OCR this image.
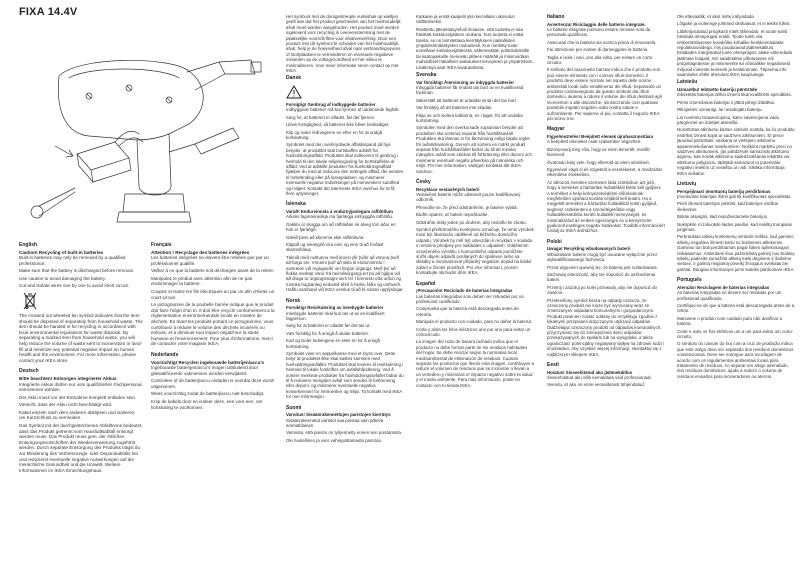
FIXA 14.4V
English
Caution! Recycling of built-in batteries
Built-in batteries may only be removed by a qualified professional.
Make sure that the battery is discharged before removal.
Use caution to avoid damaging the battery.
Cut and isolate wires one by one to avoid short circuit.
The crossed out wheeled bin symbol indicates that the item should be disposed of separately from household waste. The item should be handed in for recycling in accordance with local environmental regulations for waste disposal. By separating a marked item from household waste, you will help reduce the volume of waste sent to incinerators or land-fill and minimize any potential negative impact on human health and the environment. For more information, please contact your IKEA store.
Deutsch
Bitte beachten! Entsorgen integrierter Akkus
Integrierte Akkus dürfen nur vom qualifizierten Fachpersonal entnommen werden.
Der Akku muss vor der Entnahme komplett entladen sein.
Vorsicht, dass der Akku nicht beschädigt wird.
Kabel einzeln nach dem anderen abklipsen und isolieren, um Kurzschluss zu vermeiden.
Das Symbol mit der durchgestrichenen Abfalltonne bedeutet, dass das Produkt getrennt vom Haushaltsabfall entsorgt werden muss. Das Produkt muss gem. der örtlichen Entsorgungsvorschriften der Wiederverwertung zugeführt werden. Durch separate Entsorgung des Produkts trägst du zur Minderung des Verbrennungs- oder Deponieabfalls bei und reduzierst eventuelle negative Auswirkungen auf die menschliche Gesundheit und die Umwelt. Weitere Informationen im IKEA Einrichtungshaus.
Français
Attention ! Recyclage des batteries intégrées
Les batteries intégrées ne doivent être retirées que par un professionnel qualifié.
Veillez à ce que la batterie soit déchargée avant de la retirer.
Manipulez le produit avec attention afin de ne pas endommager la batterie.
Coupez et isolez les fils électriques un par un afin d'éviter un court-circuit.
Le pictogramme de la poubelle barrée indique que le produit doit faire l'objet d'un tri. Il doit être recyclé conformément à la réglementation environnementale locale en matière de déchets. En triant les produits portant ce pictogramme, vous contribuez à réduire le volume des déchets incinérés ou enfouis, et à diminuer tout impact négatif sur la santé humaine et l'environnement. Pour plus d'informations, merci de contacter votre magasin IKEA.
Nederlands
Voorzichtig! Recyclen ingebouwde batterijen/accu's
Ingebouwde batterijen/accu's mogen uitsluitend door gekwalificeerde vakmensen worden verwijderd.
Controleer of de batterij/accu ontladen is voordat deze wordt uitgenomen.
Wees voorzichtig zodat de batterij/accu niet beschadigt.
Knip de kabels door en isoleer deze, een voor een, om kortsluiting te voorkomen.
Het symbool met de doorgestreepte vuilnisbak op wieltjes geeft aan dat het product gescheiden van het huishoudelijk afval moet worden aangeboden. Het product moet worden ingeleverd voor recycling in overeenstemming met de plaatselijke voorschriften voor afvalverwerking. Door een product met dit symbool te scheiden van het huishoudelijk afval, help je de hoeveelheid afval naar verbrandingsovens of stortplaatsen te verminderen en eventuele negatieve invloeden op de volksgezondheid en het milieu te minimaliseren. Voor meer informatie neem contact op met IKEA.
Dansk
Forsigtig! Genbrug af indbyggede batterier
Indbyggede batterier må kun fjernes af uddannede fagfolk.
Sørg for, at batteriet er afladet, før det fjernes.
Udvis forsigtighed, så batteriet ikke bliver beskadiget.
Klip og isoler ledningerne en efter en for at undgå kortslutning.
Symbolet med den overkrydsede affaldsspand på hjul betyder, at produktet skal bortskaffes adskilt fra husholdningsaffald. Produktet skal indleveres til genbrug i henhold til den lokale miljølovgivning for bortskaffelse af affald. Ved at adskille produkter fra husholdningsaffald hjælper du med at reducere den mængde affald, der sendes til forbrænding eller på lossepladsen, og minimerer eventuelle negative indvirkninger på menneskers sundhed og miljøet. Kontakt det nærmeste IKEA varehus for at få flere oplysninger.
Íslenska
Varúð! Endurvinnsla á endurnýjanlegum rafhlöðum
Aðeins fagmanneskja má fjarlægja innbyggða rafhlöðu.
Gakktu úr skugga um að rafhlaðan sé alveg tóm áður en hún er fjarlægð.
Gætið þess að skemma ekki rafhlöðuna.
Klippið og einangrið víra einn og einn til að forðast skammhlaup.
Táknið með rusltunnu með krossi yfir þýðir að vöruna þurfi að farga sér. Vörunni þarf að skila til endurvinnslu í samræmi við reglugerðir um förgun úrgangs. Með því að flokka merktar vörur frá heimilisúrgangi ert þú að hjálpa við að draga úr úrgangsmagni sem fer í brennslu eða urðun og minnka hugsanleg neikvæð áhrif á heilsu fólks og umhverfi. Hafðu samband við IKEA verslun til að fá nánari upplýsingar.
Norsk
Forsiktig! Resirkulering av innebygde batterier
Innebygde batterier skal kun tas ut av en kvalifisert fagperson.
Sørg for at batteriet er utladet før det tas ut.
Vær forsiktig for å unngå å skade batteriet.
Kutt og isoler ledningene én etter én for å unngå kortslutning.
Symbolet viser en søppelkasse med et kryss over. Dette betyr at produktet ikke skal kastes sammen med husholdningsavfallet. Produktet skal leveres til resirkulering i henhold til lokale forskrifter om avfallshåndtering. Ved å sortere merkede produkter fra husholdningsavfallet bidrar du til å redusere mengden avfall som sendes til forbrenning eller deponi, og minimerer eventuelle negative konsekvenser for mennesker og miljø. Ta kontakt med IKEA for mer informasjon.
Suomi
Varoitus! Sisäänrakennettujen paristojen kierrätys
Sisäänrakennetut paristot saa poistaa vain pätevä ammattilainen.
Varmista, että paristo on tyhjennetty ennen sen poistamista.
Ole huolellinen ja varo vahingoittamasta paristoa.
Katkaise ja eristä kaapelit yksi kerrallaan oikosulun välttämiseksi.
Rastitettu jäteastiasymboli ilmaisee, että tuotetta ei saa hävittää kotitalousjätteen mukana. Kun tuotetta ei enää tarvita, se on toimitettava kierrätykseen paikallisten ympäristömääräysten mukaisesti. Kun merkitty tuote erotellaan kotitalousjätteestä, vähennetään polttolaitoksille tai kaatopaikoille menevän jätteen määrää ja minimoidaan mahdolliset haitalliset vaikutukset terveyteen ja ympäristöön. Lisätietoja saat IKEA-tavaratalosta.
Svenska
Var försiktig! Återvinning av inbyggda batterier
Inbyggda batterier får endast tas bort av en kvalificerad fackman.
Säkerställ att batteriet är urladdat innan det tas bort.
Var försiktig så att batteriet inte skadas.
Klipp av och isolera kablarna, en i taget, för att undvika kortslutning.
Symbolen med den överkorsade soptunnan betyder att produkten ska sorteras separat från hushållsavfall. Produkten ska lämnas in för återvinning enligt lokala regler för avfallshantering. Genom att sortera en märkt produkt separat från hushållsavfallet bidrar du till att minska mängden avfall som skickas till förbränning eller deponi och minimerar eventuell negativ påverkan på människa och miljö. För mer information, vänligen kontakta ditt IKEA-varuhus.
Česky
Recyklace vestavěných baterií
Vestavěné baterie může odstranit pouze kvalifikovaný odborník.
Převedíte se, že před odstraněním, je baterie vybitá.
Buďte opatrní, ať baterii nepoškodíte.
Odstraňte dráty jeden po druhém, aby nedošlo ke zkratu.
Symbol přeškrtnutého kontejneru označuje, že tento výrobek musí být likvidován odděleně od běžného domácího odpadu. Výrobek by měl být odevzdán k recyklaci v souladu s místními předpisy pro nakládání s odpadem. Oddělením označeného výrobku z komunálního odpadu pomůžete snížit objem odpadů posílaných do spaloven nebo na skládky a minimalizovat případný negativní dopad na lidské zdraví a životní prostředí. Pro více informací, prosím kontaktujte obchodní dům IKEA.
Español
¡Precaución! Reciclado de baterías integradas
Las baterías integradas solo deben ser retiradas por un profesional cualificado.
Comprueba que la batería está descargada antes de retirarla.
Manipula el producto con cuidado, para no dañar la batería.
Corta y aísla los hilos eléctricos uno por uno para evitar un cortocircuito.
La imagen del cubo de basura tachado indica que el producto no debe formar parte de los residuos habituales del hogar. Se debe reciclar según la normativa local medioambiental de eliminación de residuos. Cuando separas los productos que llevan esta imagen, contribuyes a reducir el volumen de residuos que se incineran o llevan a un vertedero y minimizas el impacto negativo sobre la salud y el medio ambiente. Para más información, ponte en contacto con tu tienda IKEA.
Italiano
Avvertenza! Riciclaggio delle batterie integrate.
Le batterie integrate possono essere rimosse solo da personale qualificato.
Assicurati che la batteria sia scarica prima di rimuoverla.
Fai attenzione per evitare di danneggiare la batteria.
Taglia e isola i cavi, uno alla volta, per evitare un corto circuito.
Il simbolo del cassonetto barrato indica che il prodotto non può essere eliminato con i comuni rifiuti domestici. Il prodotto deve essere riciclato nel rispetto delle norme ambientali locali sullo smaltimento dei rifiuti. Separando un prodotto contrassegnato da questo simbolo dai rifiuti domestici, aiuterai a ridurre il volume dei rifiuti destinati agli inceneritori o alle discariche, minimizzando così qualsiasi possibile impatto negativo sulla nostra salute e sull'ambiente. Per saperne di più, contatta il negozio IKEA più vicino a te.
Magyar
Figyelmeztetés! Beépített elemek újrahasznosítása
A beépített elemeket csak szakember végezheti.
Bizonyosodj meg róla, hogy az elem lemerült, mielőtt kiveszed.
Óvatosan bánj vele, hogy elkerüld az elem sérülését.
Egyesével vágd el és szigeteld a vezetékeket, a rövidzárlat elkerülése érdekében.
Az áthúzott, kerekes szemetes láda szimbólum azt jelzi, hogy a terméket a háztartási hulladéktól külön kell gyűjteni. A terméket a helyi környezetvédelmi előírásoknak megfelelően újrahasznosítás céljából kell leadni. Ha a megjelölt terméket a háztartási hulladéktól külön gyűjted, segítesz csökkenteni a szemétégetőkbe vagy hulladéklerakókba kerülő hulladék mennyiségét, és minimalizálod az emberi egészségre és a környezetre gyakorolt esetleges negatív hatásokat. További információért fordulj az IKEA áruházhoz.
Polski
Uwaga! Recykling wbudowanych baterii
Wbudowane baterie mogą być usuwane wyłącznie przez wykwalifikowanego fachowca.
Przed wyjęciem upewnij się, że bateria jest rozładowana.
Zachowaj ostrożność, aby nie dopuścić do uszkodzenia baterii.
Przetnij i zaizoluj po kolei przewody, aby nie dopuścić do zwarcia.
Przekreślony symbol kosza na odpady oznacza, że oznaczony produkt nie może być wyrzucany wraz ze zmieszanymi odpadami komunalnymi i gospodarczymi. Produkt powinien zostać oddany do recyklingu zgodnie z lokalnymi przepisami dotyczącymi utylizacji odpadów. Oddzielając oznaczony produkt od odpadów komunalnych, przyczyniasz się do zmniejszenia ilości odpadów przekazywanych do spalarni lub na wysypiska, a także ograniczasz potencjalny negatywny wpływ na zdrowie ludzi i środowisko. Aby uzyskać więcej informacji, skontaktuj się z najbliższym sklepem IKEA.
Eesti
Hoiatus! Sisseehitatud aku jäätmekäitlus
Sisseehitatud aku võib eemaldada vaid professionaal.
Veendu, et aku on enne eemaldamist tühjendatud.
Ole ettevaatlik, et akut mitte kahjustada.
Lõigake ja isoleerige juhtmed ükshaaval, et ei tekiks lühist.
Läbikriipsutatud prügikasti märk tähendab, et toode tuleb hävitada olmeprügist eraldi. Toode tuleb viia ümbertöötlusesse kooskõlas kohalike keskkonnaalaste regulatsioonidega, mis puudutavad jäätmekäitlust. Eraldades märgistatud toote olmeprügist, aitate vähendada jäätmete hulgaid, mis saadetakse põletusesse või prügimägedesse ja minimeerite ka võimalikke negatiivseid mõjusid inimeste tervisele ja keskkonnale. Täpsema info saamiseks võtke ühendust IKEA kauplusega.
Latviešu
Uzmanību! Iebūvēto bateriju pārstrāde
Iebūvētās baterijas drīkst izņemt tikai kvalificēts speciālists.
Pirms izņemšanas baterijai ir jābūt pilnīgi izlādētai.
Rīkojieties uzmanīgi, lai nesabojātu bateriju.
Lai novērstu īssavienojumu, katru savienojuma vadu pārgrieziet un izolējiet atsevišķi.
Nosvītrotas atkritumu kastes simbols norāda, ka šo produktu nedrīkst izmest kopā ar sadzīves atkritumiem. Šī prece jānodod pārstrādei, saskaņā ar vietējiem atkritumu apsaimniekošanas noteikumiem. Nošķirot marķētu preci no sadzīves atkritumiem, jūs palīdzēsiet samazināt atkritumu apjomu, kas nonāk atkritumu sadedzināšanas iekārtās vai atkritumu poligonos, tādējādi samazinot to potenciālo negatīvo ietekmi uz veselību un vidi. Sīkāka informācija IKEA veikalos.
Lietuvių
Perspėjimas! Įmontuotų baterijų perdirbimas
Įmontuotas baterijas išimti gali tik kvalifikuotas specialistas.
Prieš išimant baterijas įsitikinti, kad baterijos visiškai išeikvotos.
Būkite atsargūs, kad nepažeistumėte baterijos.
Nukirpkite ir izoliuokite laidus paeiliui, kad nekiltų trumpasis jungimas.
Perbrauktas ratinių konteinerių simbolis reiškia, kad gaminio atliekų negalima išmesti kartu su buitinėmis atliekomis. Gaminiui turi būti perdirbamas pagal šalies aplinkosaugos reikalavimus. Atskirdami šiuo paženklintą gaminį nuo buitinių atliekų padėsite sumažinti atliekų kiekį deginimo ir šalinimo vietose, ir galimą neigiamą poveikį žmogaus sveikatai bei gamtai. Daugiau informacijos jums suteiks parduotuvė IKEA.
Português
Atenção! Reciclagem de baterias integradas
As baterias integradas só devem ser retiradas por um profissional qualificado.
Certifique-se de que a bateria está descarregada antes de a retirar.
Manuseie o produto com cuidado para não danificar a bateria.
Corte e isole os fios elétricos um a um para evitar um curto-circuito.
O símbolo do caixote do lixo com a cruz de proibição indica que este artigo deve ser separado dos resíduos domésticos convencionais. Deve ser entregue para reciclagem de acordo com os regulamentos ambientais locais para tratamento de resíduos. Ao separar um artigo assinalado dos resíduos domésticos, ajuda a reduzir o volume de resíduos enviados para incineradores ou aterros.
